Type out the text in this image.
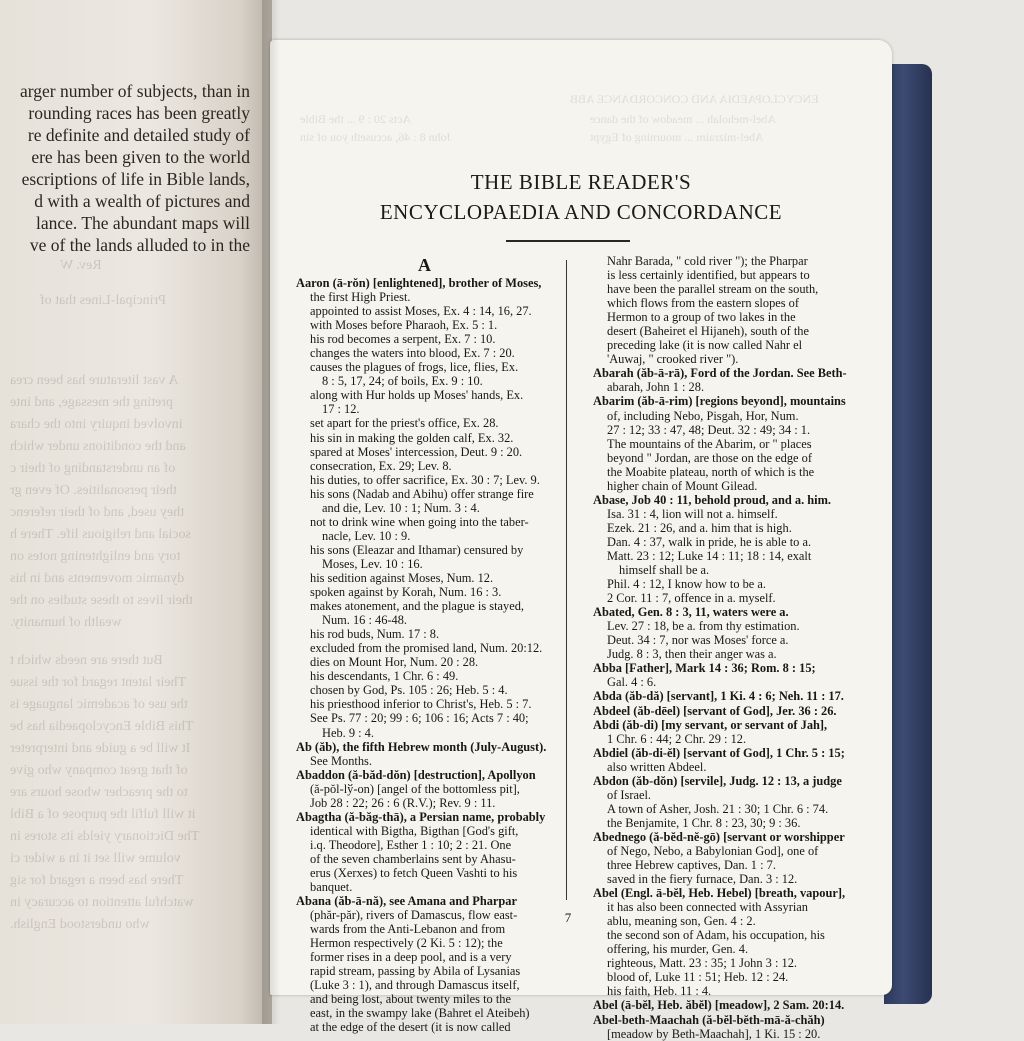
arger number of subjects, than in
rounding races has been greatly
re definite and detailed study of
ere has been given to the world
escriptions of life in Bible lands,
d with a wealth of pictures and
lance. The abundant maps will
ve of the lands alluded to in the
Rev. W
Principal-Lines that of
A vast literature has been crea
preting the message, and inte
involved inquiry into the chara
and the conditions under which
of an understanding of their c
their personalities. Of even gr
they used, and of their referenc
social and religious life. There h
tory and enlightening notes on
dynamic movements and in his
their lives to these studies on the
wealth of humanity.
But there are needs which t
Their latent regard for the issue
the use of academic language is
This Bible Encyclopaedia has be
It will be a guide and interpreter
of that great company who give
to the preacher whose hours are
it will fulfil the purpose of a Bibl
The Dictionary yields its stores in
volume will set it in a wider ci
There has been a regard for sig
watchful attention to accuracy in
who understood English.
ENCYCLOPAEDIA AND CONCORDANCE ABB
Abel-meholah ... meadow of the dance
Abel-mizraim ... mourning of Egypt
Acts 20 : 9 ... the Bible
John 8 : 46, accuseth you of sin
THE BIBLE READER'S
ENCYCLOPAEDIA AND CONCORDANCE
A
Aaron (ā-rŏn) [enlightened], brother of Moses,
the first High Priest.
appointed to assist Moses, Ex. 4 : 14, 16, 27.
with Moses before Pharaoh, Ex. 5 : 1.
his rod becomes a serpent, Ex. 7 : 10.
changes the waters into blood, Ex. 7 : 20.
causes the plagues of frogs, lice, flies, Ex.
8 : 5, 17, 24; of boils, Ex. 9 : 10.
along with Hur holds up Moses' hands, Ex.
17 : 12.
set apart for the priest's office, Ex. 28.
his sin in making the golden calf, Ex. 32.
spared at Moses' intercession, Deut. 9 : 20.
consecration, Ex. 29; Lev. 8.
his duties, to offer sacrifice, Ex. 30 : 7; Lev. 9.
his sons (Nadab and Abihu) offer strange fire
and die, Lev. 10 : 1; Num. 3 : 4.
not to drink wine when going into the taber-
nacle, Lev. 10 : 9.
his sons (Eleazar and Ithamar) censured by
Moses, Lev. 10 : 16.
his sedition against Moses, Num. 12.
spoken against by Korah, Num. 16 : 3.
makes atonement, and the plague is stayed,
Num. 16 : 46-48.
his rod buds, Num. 17 : 8.
excluded from the promised land, Num. 20:12.
dies on Mount Hor, Num. 20 : 28.
his descendants, 1 Chr. 6 : 49.
chosen by God, Ps. 105 : 26; Heb. 5 : 4.
his priesthood inferior to Christ's, Heb. 5 : 7.
See Ps. 77 : 20; 99 : 6; 106 : 16; Acts 7 : 40;
Heb. 9 : 4.
Ab (ăb), the fifth Hebrew month (July-August).
See Months.
Abaddon (ă-băd-dŏn) [destruction], Apollyon
(ă-pŏl-lў-on) [angel of the bottomless pit],
Job 28 : 22; 26 : 6 (R.V.); Rev. 9 : 11.
Abagtha (ă-băg-thā), a Persian name, probably
identical with Bigtha, Bigthan [God's gift,
i.q. Theodore], Esther 1 : 10; 2 : 21. One
of the seven chamberlains sent by Ahasu-
erus (Xerxes) to fetch Queen Vashti to his
banquet.
Abana (ăb-ā-nă), see Amana and Pharpar
(phăr-păr), rivers of Damascus, flow east-
wards from the Anti-Lebanon and from
Hermon respectively (2 Ki. 5 : 12); the
former rises in a deep pool, and is a very
rapid stream, passing by Abila of Lysanias
(Luke 3 : 1), and through Damascus itself,
and being lost, about twenty miles to the
east, in the swampy lake (Bahret el Ateibeh)
at the edge of the desert (it is now called
Nahr Barada, " cold river "); the Pharpar
is less certainly identified, but appears to
have been the parallel stream on the south,
which flows from the eastern slopes of
Hermon to a group of two lakes in the
desert (Baheiret el Hijaneh), south of the
preceding lake (it is now called Nahr el
'Auwaj, " crooked river ").
Abarah (ăb-ā-rā), Ford of the Jordan. See Beth-
abarah, John 1 : 28.
Abarim (ăb-ā-rim) [regions beyond], mountains
of, including Nebo, Pisgah, Hor, Num.
27 : 12; 33 : 47, 48; Deut. 32 : 49; 34 : 1.
The mountains of the Abarim, or " places
beyond " Jordan, are those on the edge of
the Moabite plateau, north of which is the
higher chain of Mount Gilead.
Abase, Job 40 : 11, behold proud, and a. him.
Isa. 31 : 4, lion will not a. himself.
Ezek. 21 : 26, and a. him that is high.
Dan. 4 : 37, walk in pride, he is able to a.
Matt. 23 : 12; Luke 14 : 11; 18 : 14, exalt
himself shall be a.
Phil. 4 : 12, I know how to be a.
2 Cor. 11 : 7, offence in a. myself.
Abated, Gen. 8 : 3, 11, waters were a.
Lev. 27 : 18, be a. from thy estimation.
Deut. 34 : 7, nor was Moses' force a.
Judg. 8 : 3, then their anger was a.
Abba [Father], Mark 14 : 36; Rom. 8 : 15;
Gal. 4 : 6.
Abda (ăb-dă) [servant], 1 Ki. 4 : 6; Neh. 11 : 17.
Abdeel (ăb-dēel) [servant of God], Jer. 36 : 26.
Abdi (ăb-di) [my servant, or servant of Jah],
1 Chr. 6 : 44; 2 Chr. 29 : 12.
Abdiel (ăb-di-ĕl) [servant of God], 1 Chr. 5 : 15;
also written Abdeel.
Abdon (ăb-dŏn) [servile], Judg. 12 : 13, a judge
of Israel.
A town of Asher, Josh. 21 : 30; 1 Chr. 6 : 74.
the Benjamite, 1 Chr. 8 : 23, 30; 9 : 36.
Abednego (ă-bĕd-nĕ-gō) [servant or worshipper
of Nego, Nebo, a Babylonian God], one of
three Hebrew captives, Dan. 1 : 7.
saved in the fiery furnace, Dan. 3 : 12.
Abel (Engl. ā-bĕl, Heb. Hebel) [breath, vapour],
it has also been connected with Assyrian
ablu, meaning son, Gen. 4 : 2.
the second son of Adam, his occupation, his
offering, his murder, Gen. 4.
righteous, Matt. 23 : 35; 1 John 3 : 12.
blood of, Luke 11 : 51; Heb. 12 : 24.
his faith, Heb. 11 : 4.
Abel (ā-bĕl, Heb. ăbĕl) [meadow], 2 Sam. 20:14.
Abel-beth-Maachah (ă-bĕl-bĕth-mā-ă-chăh)
[meadow by Beth-Maachah], 1 Ki. 15 : 20.
7
